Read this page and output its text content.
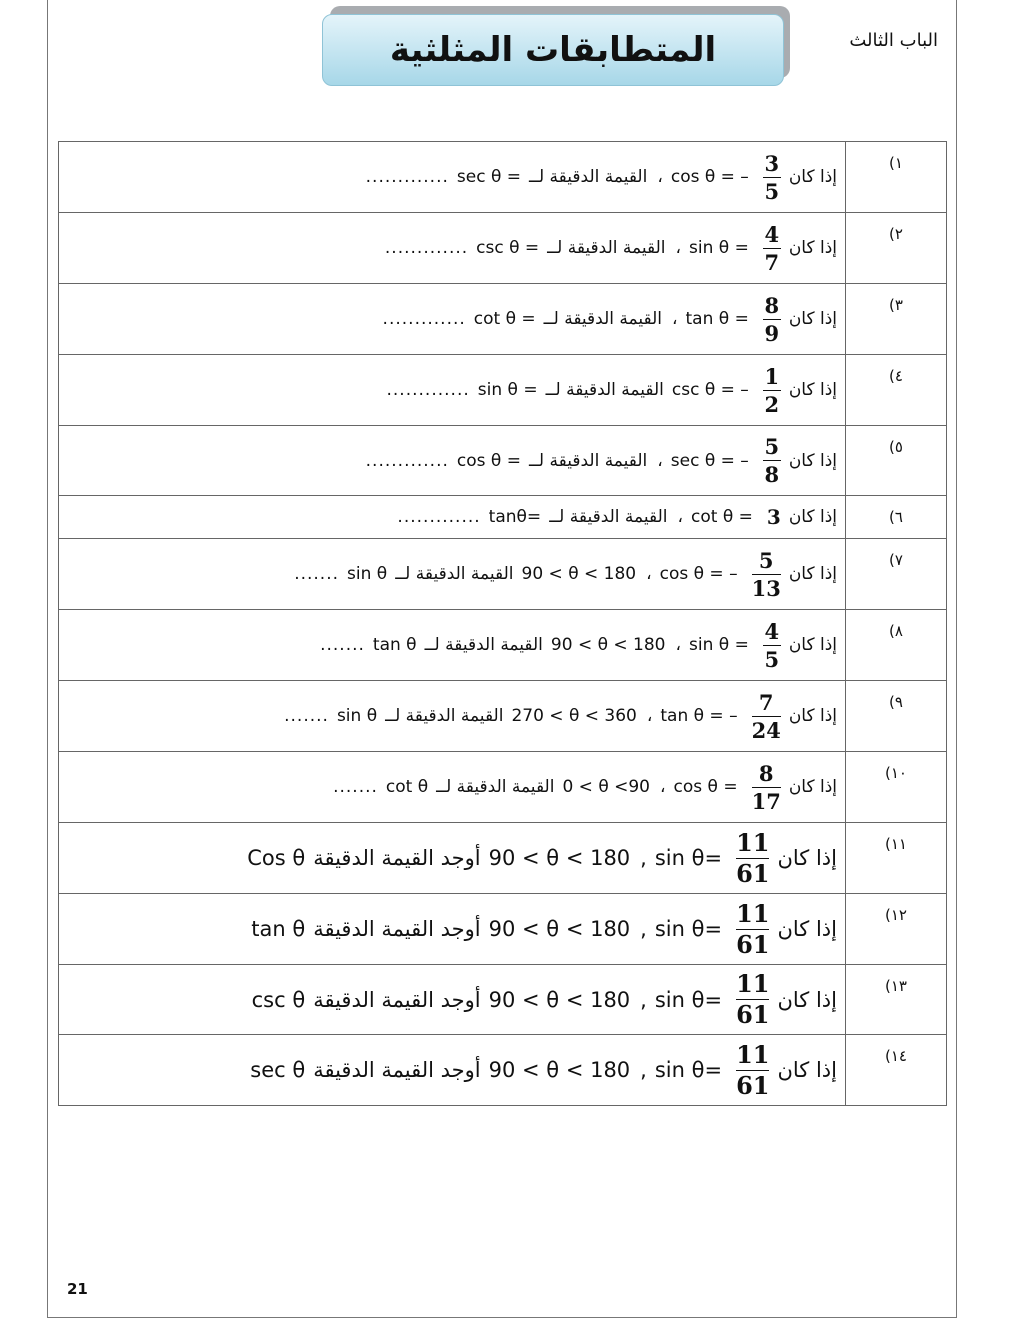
الباب الثالث
المتطابقات المثلثية
١)
إذا كان
$\frac{3}{5}$
cos θ = –
،
القيمة الدقيقة لــ
sec θ =
.............
٢)
إذا كان
$\frac{4}{7}$
sin θ =
،
القيمة الدقيقة لــ
csc θ =
.............
٣)
إذا كان
$\frac{8}{9}$
tan θ =
،
القيمة الدقيقة لــ
cot θ =
.............
٤)
إذا كان
$\frac{1}{2}$
csc θ = –
القيمة الدقيقة لــ
sin θ =
.............
٥)
إذا كان
$\frac{5}{8}$
sec θ = –
،
القيمة الدقيقة لــ
cos θ =
.............
٦)
إذا كان
3
cot θ =
،
القيمة الدقيقة لــ
tanθ=
.............
٧)
إذا كان
$\frac{5}{13}$
cos θ = –
،
90 < θ < 180
القيمة الدقيقة لــ
sin θ
.......
٨)
إذا كان
$\frac{4}{5}$
sin θ =
،
90 < θ < 180
القيمة الدقيقة لــ
tan θ
.......
٩)
إذا كان
$\frac{7}{24}$
tan θ = –
،
270 < θ < 360
القيمة الدقيقة لــ
sin θ
.......
١٠)
إذا كان
$\frac{8}{17}$
cos θ =
،
0 < θ <90
القيمة الدقيقة لــ
cot θ
.......
١١)
إذا كان
$\frac{11}{61}$
sin θ=
,
90 < θ < 180
أوجد القيمة الدقيقة
Cos θ
١٢)
إذا كان
$\frac{11}{61}$
sin θ=
,
90 < θ < 180
أوجد القيمة الدقيقة
tan θ
١٣)
إذا كان
$\frac{11}{61}$
sin θ=
,
90 < θ < 180
أوجد القيمة الدقيقة
csc θ
١٤)
إذا كان
$\frac{11}{61}$
sin θ=
,
90 < θ < 180
أوجد القيمة الدقيقة
sec θ
21
